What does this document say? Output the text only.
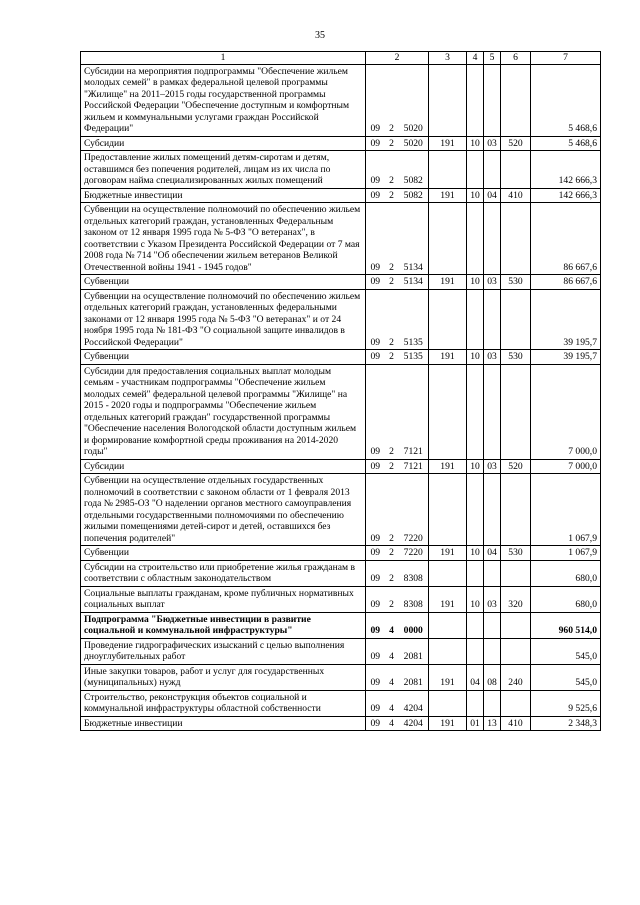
35
1	2			3	4	5	6	7
Субсидии на мероприятия подпрограммы "Обеспечение жильем молодых семей" в рамках федеральной целевой программы "Жилище" на 2011–2015 годы государственной программы Российской Федерации "Обеспечение доступным и комфортным жильем и коммунальными услугами граждан Российской Федерации"	09	2	5020					5 468,6
Субсидии	09	2	5020	191	10	03	520	5 468,6
Предоставление жилых помещений детям-сиротам и детям, оставшимся без попечения родителей, лицам из их числа по договорам найма специализированных жилых помещений	09	2	5082					142 666,3
Бюджетные инвестиции	09	2	5082	191	10	04	410	142 666,3
Субвенции на осуществление полномочий по обеспечению жильем отдельных категорий граждан, установленных Федеральным законом от 12 января 1995 года № 5-ФЗ "О ветеранах", в соответствии с Указом Президента Российской Федерации от 7 мая 2008 года № 714 "Об обеспечении жильем ветеранов Великой Отечественной войны 1941 - 1945 годов"	09	2	5134					86 667,6
Субвенции	09	2	5134	191	10	03	530	86 667,6
Субвенции на осуществление полномочий по обеспечению жильем отдельных категорий граждан, установленных федеральными законами от 12 января 1995 года № 5-ФЗ "О ветеранах" и от 24 ноября 1995 года № 181-ФЗ "О социальной защите инвалидов в Российской Федерации"	09	2	5135					39 195,7
Субвенции	09	2	5135	191	10	03	530	39 195,7
Субсидии для предоставления социальных выплат молодым семьям - участникам подпрограммы "Обеспечение жильем молодых семей" федеральной целевой программы "Жилище" на 2015 - 2020 годы и подпрограммы "Обеспечение жильем отдельных категорий граждан" государственной программы "Обеспечение населения Вологодской области доступным жильем и формирование комфортной среды проживания на 2014-2020 годы"	09	2	7121					7 000,0
Субсидии	09	2	7121	191	10	03	520	7 000,0
Субвенции на осуществление отдельных государственных полномочий в соответствии с законом области от 1 февраля 2013 года № 2985-ОЗ "О наделении органов местного самоуправления отдельными государственными полномочиями по обеспечению жилыми помещениями детей-сирот и детей, оставшихся без попечения родителей"	09	2	7220					1 067,9
Субвенции	09	2	7220	191	10	04	530	1 067,9
Субсидии на строительство или приобретение жилья гражданам в соответствии с областным законодательством	09	2	8308					680,0
Социальные выплаты гражданам, кроме публичных нормативных социальных выплат	09	2	8308	191	10	03	320	680,0
Подпрограмма "Бюджетные инвестиции в развитие социальной и коммунальной инфраструктуры"	09	4	0000					960 514,0
Проведение гидрографических изысканий с целью выполнения дноуглубительных работ	09	4	2081					545,0
Иные закупки товаров, работ и услуг для государственных (муниципальных) нужд	09	4	2081	191	04	08	240	545,0
Строительство, реконструкция объектов социальной и коммунальной инфраструктуры областной собственности	09	4	4204					9 525,6
Бюджетные инвестиции	09	4	4204	191	01	13	410	2 348,3
